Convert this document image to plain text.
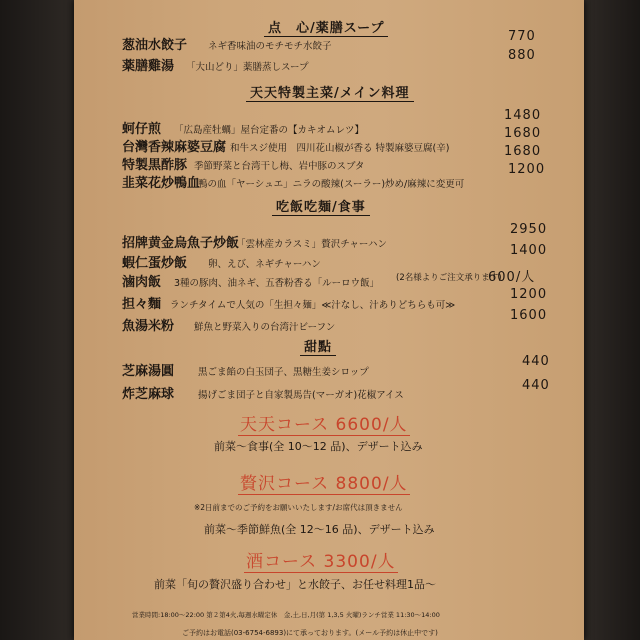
点　心/薬膳スープ
葱油水餃子 ネギ香味油のモチモチ水餃子
770
薬膳雞湯 「大山どり」薬膳蒸しスープ
880
天天特製主菜/メイン料理
蚵仔煎 「広島産牡蠣」屋台定番の【カキオムレツ】
1480
台灣香辣麻婆豆腐 和牛スジ使用　四川花山椒が香る 特製麻婆豆腐(辛)
1680
特製黒酢豚 季節野菜と台湾干し梅、岩中豚のスブタ
1680
韭菜花炒鴨血
鴨の血「ヤーシュエ」ニラの酸辣(スーラー)炒め/麻辣に変更可
1200
吃飯吃麺/食事
招牌黄金烏魚子炒飯
「雲林産カラスミ」贅沢チャーハン
2950
蝦仁蛋炒飯 卵、えび、ネギチャーハン
1400
滷肉飯 3種の豚肉、油ネギ、五香粉香る「ルーロウ飯」 (2名様よりご注文承ります)
600/人
担々麵 ランチタイムで人気の「生担々麺」≪汁なし、汁ありどちらも可≫
1200
魚湯米粉 鮮魚と野菜入りの台湾汁ビーフン
1600
甜點
芝麻湯圓	黒ごま餡の白玉団子、黒糖生姜シロップ
440
炸芝麻球	揚げごま団子と自家製馬告(マーガオ)花椒アイス
440
天天コース 6600/人
前菜～食事(全 10～12 品)、デザート込み
贅沢コース 8800/人
※2日前までのご予約をお願いいたします/お席代は頂きません
前菜～季節鮮魚(全 12～16 品)、デザート込み
酒コース 3300/人
前菜「旬の贅沢盛り合わせ」と水餃子、お任せ料理1品～
営業時間:18:00～22:00 第２第4火,毎週水曜定休　金,土,日,月(第 1,3,5 火曜)ランチ営業 11:30～14:00
ご予約はお電話(03-6754-6893)にて承っております。(メール予約は休止中です)
